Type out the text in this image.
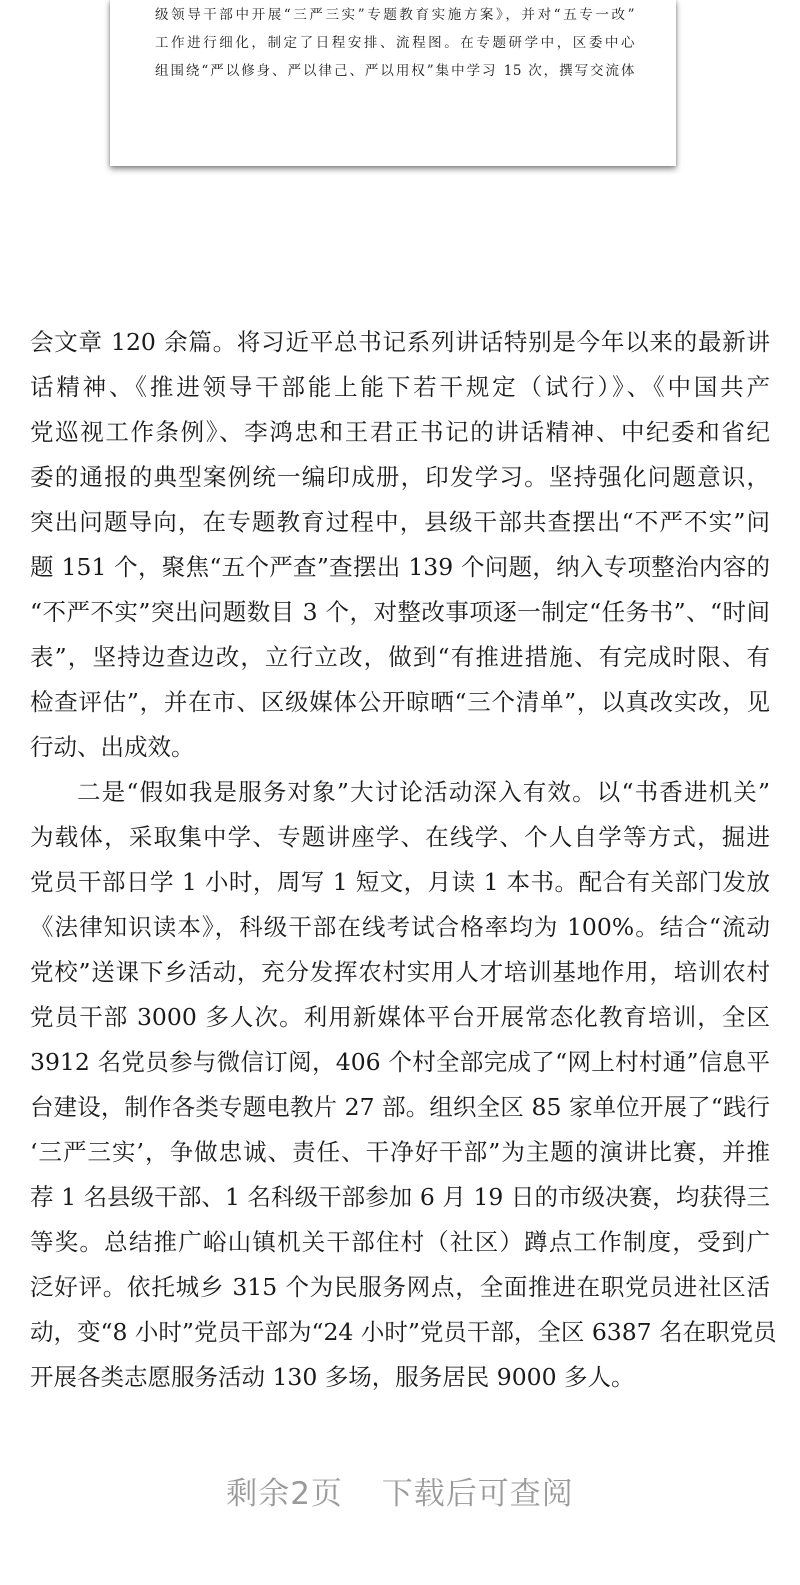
级领导干部中开展“三严三实”专题教育实施方案》，并对“五专一改”
工作进行细化，制定了日程安排、流程图。在专题研学中，区委中心
组围绕“严以修身、严以律己、严以用权”集中学习 15 次，撰写交流体
会文章 120 余篇。将习近平总书记系列讲话特别是今年以来的最新讲
话精神、《推进领导干部能上能下若干规定（试行）》、《中国共产
党巡视工作条例》、李鸿忠和王君正书记的讲话精神、中纪委和省纪
委的通报的典型案例统一编印成册，印发学习。坚持强化问题意识，
突出问题导向，在专题教育过程中，县级干部共查摆出“不严不实”问
题 151 个，聚焦“五个严查”查摆出 139 个问题，纳入专项整治内容的
“不严不实”突出问题数目 3 个，对整改事项逐一制定“任务书”、“时间
表”，坚持边查边改，立行立改，做到“有推进措施、有完成时限、有
检查评估”，并在市、区级媒体公开晾晒“三个清单”，以真改实改，见
行动、出成效。
二是“假如我是服务对象”大讨论活动深入有效。以“书香进机关”
为载体，采取集中学、专题讲座学、在线学、个人自学等方式，掘进
党员干部日学 1 小时，周写 1 短文，月读 1 本书。配合有关部门发放
《法律知识读本》，科级干部在线考试合格率均为 100%。结合“流动
党校”送课下乡活动，充分发挥农村实用人才培训基地作用，培训农村
党员干部 3000 多人次。利用新媒体平台开展常态化教育培训，全区
3912 名党员参与微信订阅，406 个村全部完成了“网上村村通”信息平
台建设，制作各类专题电教片 27 部。组织全区 85 家单位开展了“践行
‘三严三实’，争做忠诚、责任、干净好干部”为主题的演讲比赛，并推
荐 1 名县级干部、1 名科级干部参加 6 月 19 日的市级决赛，均获得三
等奖。总结推广峪山镇机关干部住村（社区）蹲点工作制度，受到广
泛好评。依托城乡 315 个为民服务网点，全面推进在职党员进社区活
动，变“8 小时”党员干部为“24 小时”党员干部，全区 6387 名在职党员
开展各类志愿服务活动 130 多场，服务居民 9000 多人。
剩余2页 下载后可查阅
